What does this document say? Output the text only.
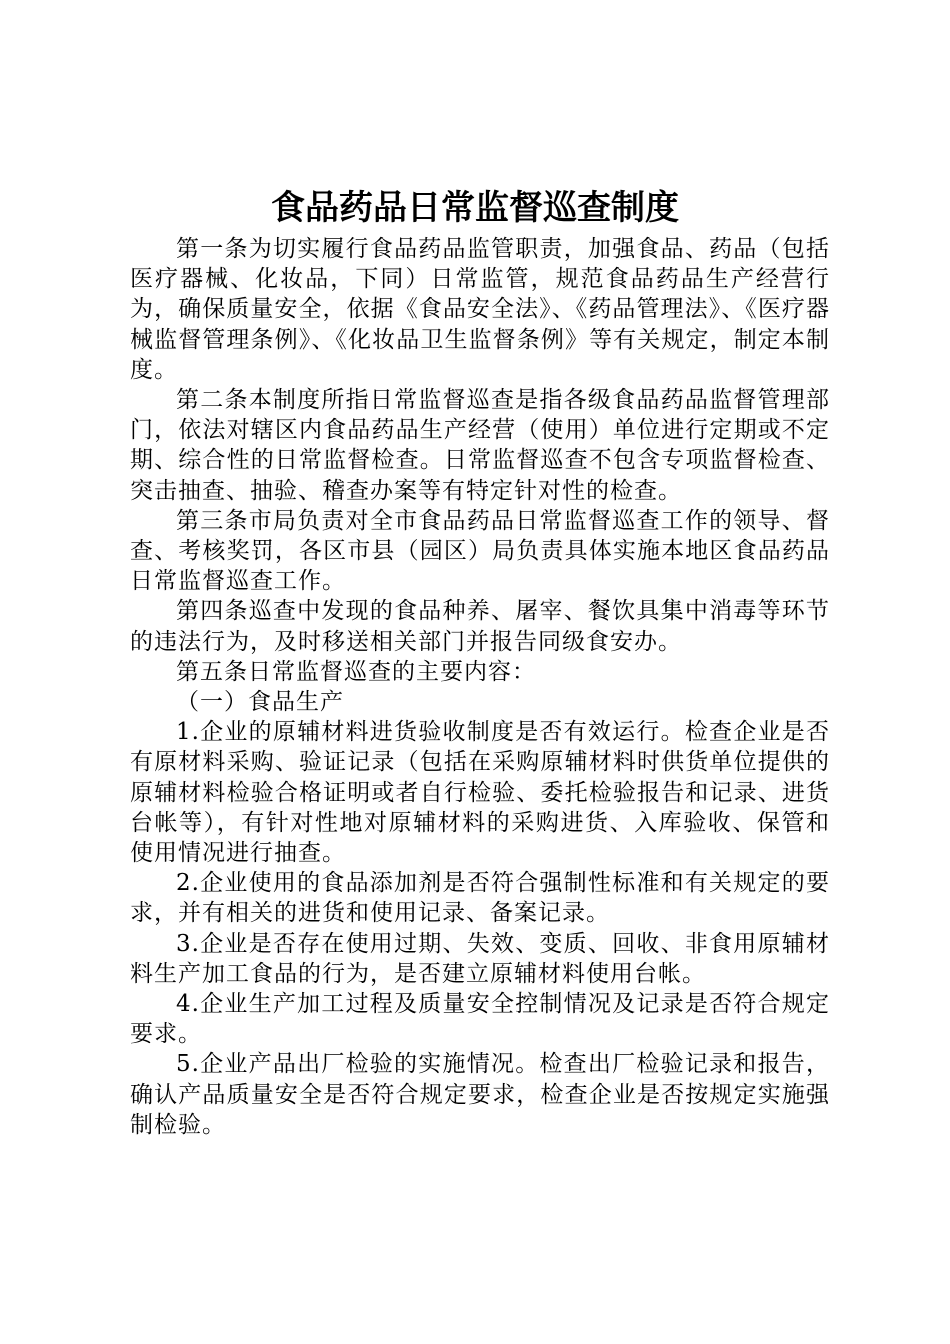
食品药品日常监督巡查制度

第一条为切实履行食品药品监管职责，加强食品、药品（包括医疗器械、化妆品，下同）日常监管，规范食品药品生产经营行为，确保质量安全，依据《食品安全法》、《药品管理法》、《医疗器械监督管理条例》、《化妆品卫生监督条例》等有关规定，制定本制度。

第二条本制度所指日常监督巡查是指各级食品药品监督管理部门，依法对辖区内食品药品生产经营（使用）单位进行定期或不定期、综合性的日常监督检查。日常监督巡查不包含专项监督检查、突击抽查、抽验、稽查办案等有特定针对性的检查。

第三条市局负责对全市食品药品日常监督巡查工作的领导、督查、考核奖罚，各区市县（园区）局负责具体实施本地区食品药品日常监督巡查工作。

第四条巡查中发现的食品种养、屠宰、餐饮具集中消毒等环节的违法行为，及时移送相关部门并报告同级食安办。

第五条日常监督巡查的主要内容：

（一）食品生产

1.企业的原辅材料进货验收制度是否有效运行。检查企业是否有原材料采购、验证记录（包括在采购原辅材料时供货单位提供的原辅材料检验合格证明或者自行检验、委托检验报告和记录、进货台帐等），有针对性地对原辅材料的采购进货、入库验收、保管和使用情况进行抽查。

2.企业使用的食品添加剂是否符合强制性标准和有关规定的要求，并有相关的进货和使用记录、备案记录。

3.企业是否存在使用过期、失效、变质、回收、非食用原辅材料生产加工食品的行为，是否建立原辅材料使用台帐。

4.企业生产加工过程及质量安全控制情况及记录是否符合规定要求。

5.企业产品出厂检验的实施情况。检查出厂检验记录和报告，确认产品质量安全是否符合规定要求，检查企业是否按规定实施强制检验。
